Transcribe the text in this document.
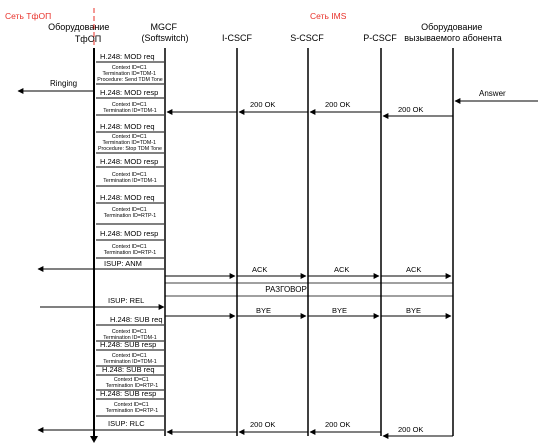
Сеть ТфОП	Сеть IMS
Оборудование ТфОП
MGCF (Softswitch)	I-CSCF	S-CSCF	P-CSCF
Оборудование вызываемого абонента
H.248: MOD req
Context ID=C1 Termination ID=TDM-1 Procedure: Send TDM Tone
H.248: MOD resp
Context ID=C1 Termination ID=TDM-1
H.248: MOD req
Context ID=C1 Termination ID=TDM-1 Procedure: Stop TDM Tone
H.248: MOD resp
Context ID=C1 Termination ID=TDM-1
H.248: MOD req
Context ID=C1 Termination ID=RTP-1
H.248: MOD resp
Context ID=C1 Termination ID=RTP-1
ISUP: ANM
ISUP: REL
H.248: SUB req
Context ID=C1 Termination ID=TDM-1
H.248: SUB resp
Context ID=C1 Termination ID=TDM-1
H.248: SUB req
Context ID=C1 Termination ID=RTP-1
H.248: SUB resp
Context ID=C1 Termination ID=RTP-1
ISUP: RLC
Ringing
Answer
200 OK
200 OK
200 OK
ACK	ACK	ACK
РАЗГОВОР
BYE	BYE	BYE
200 OK	200 OK
200 OK
